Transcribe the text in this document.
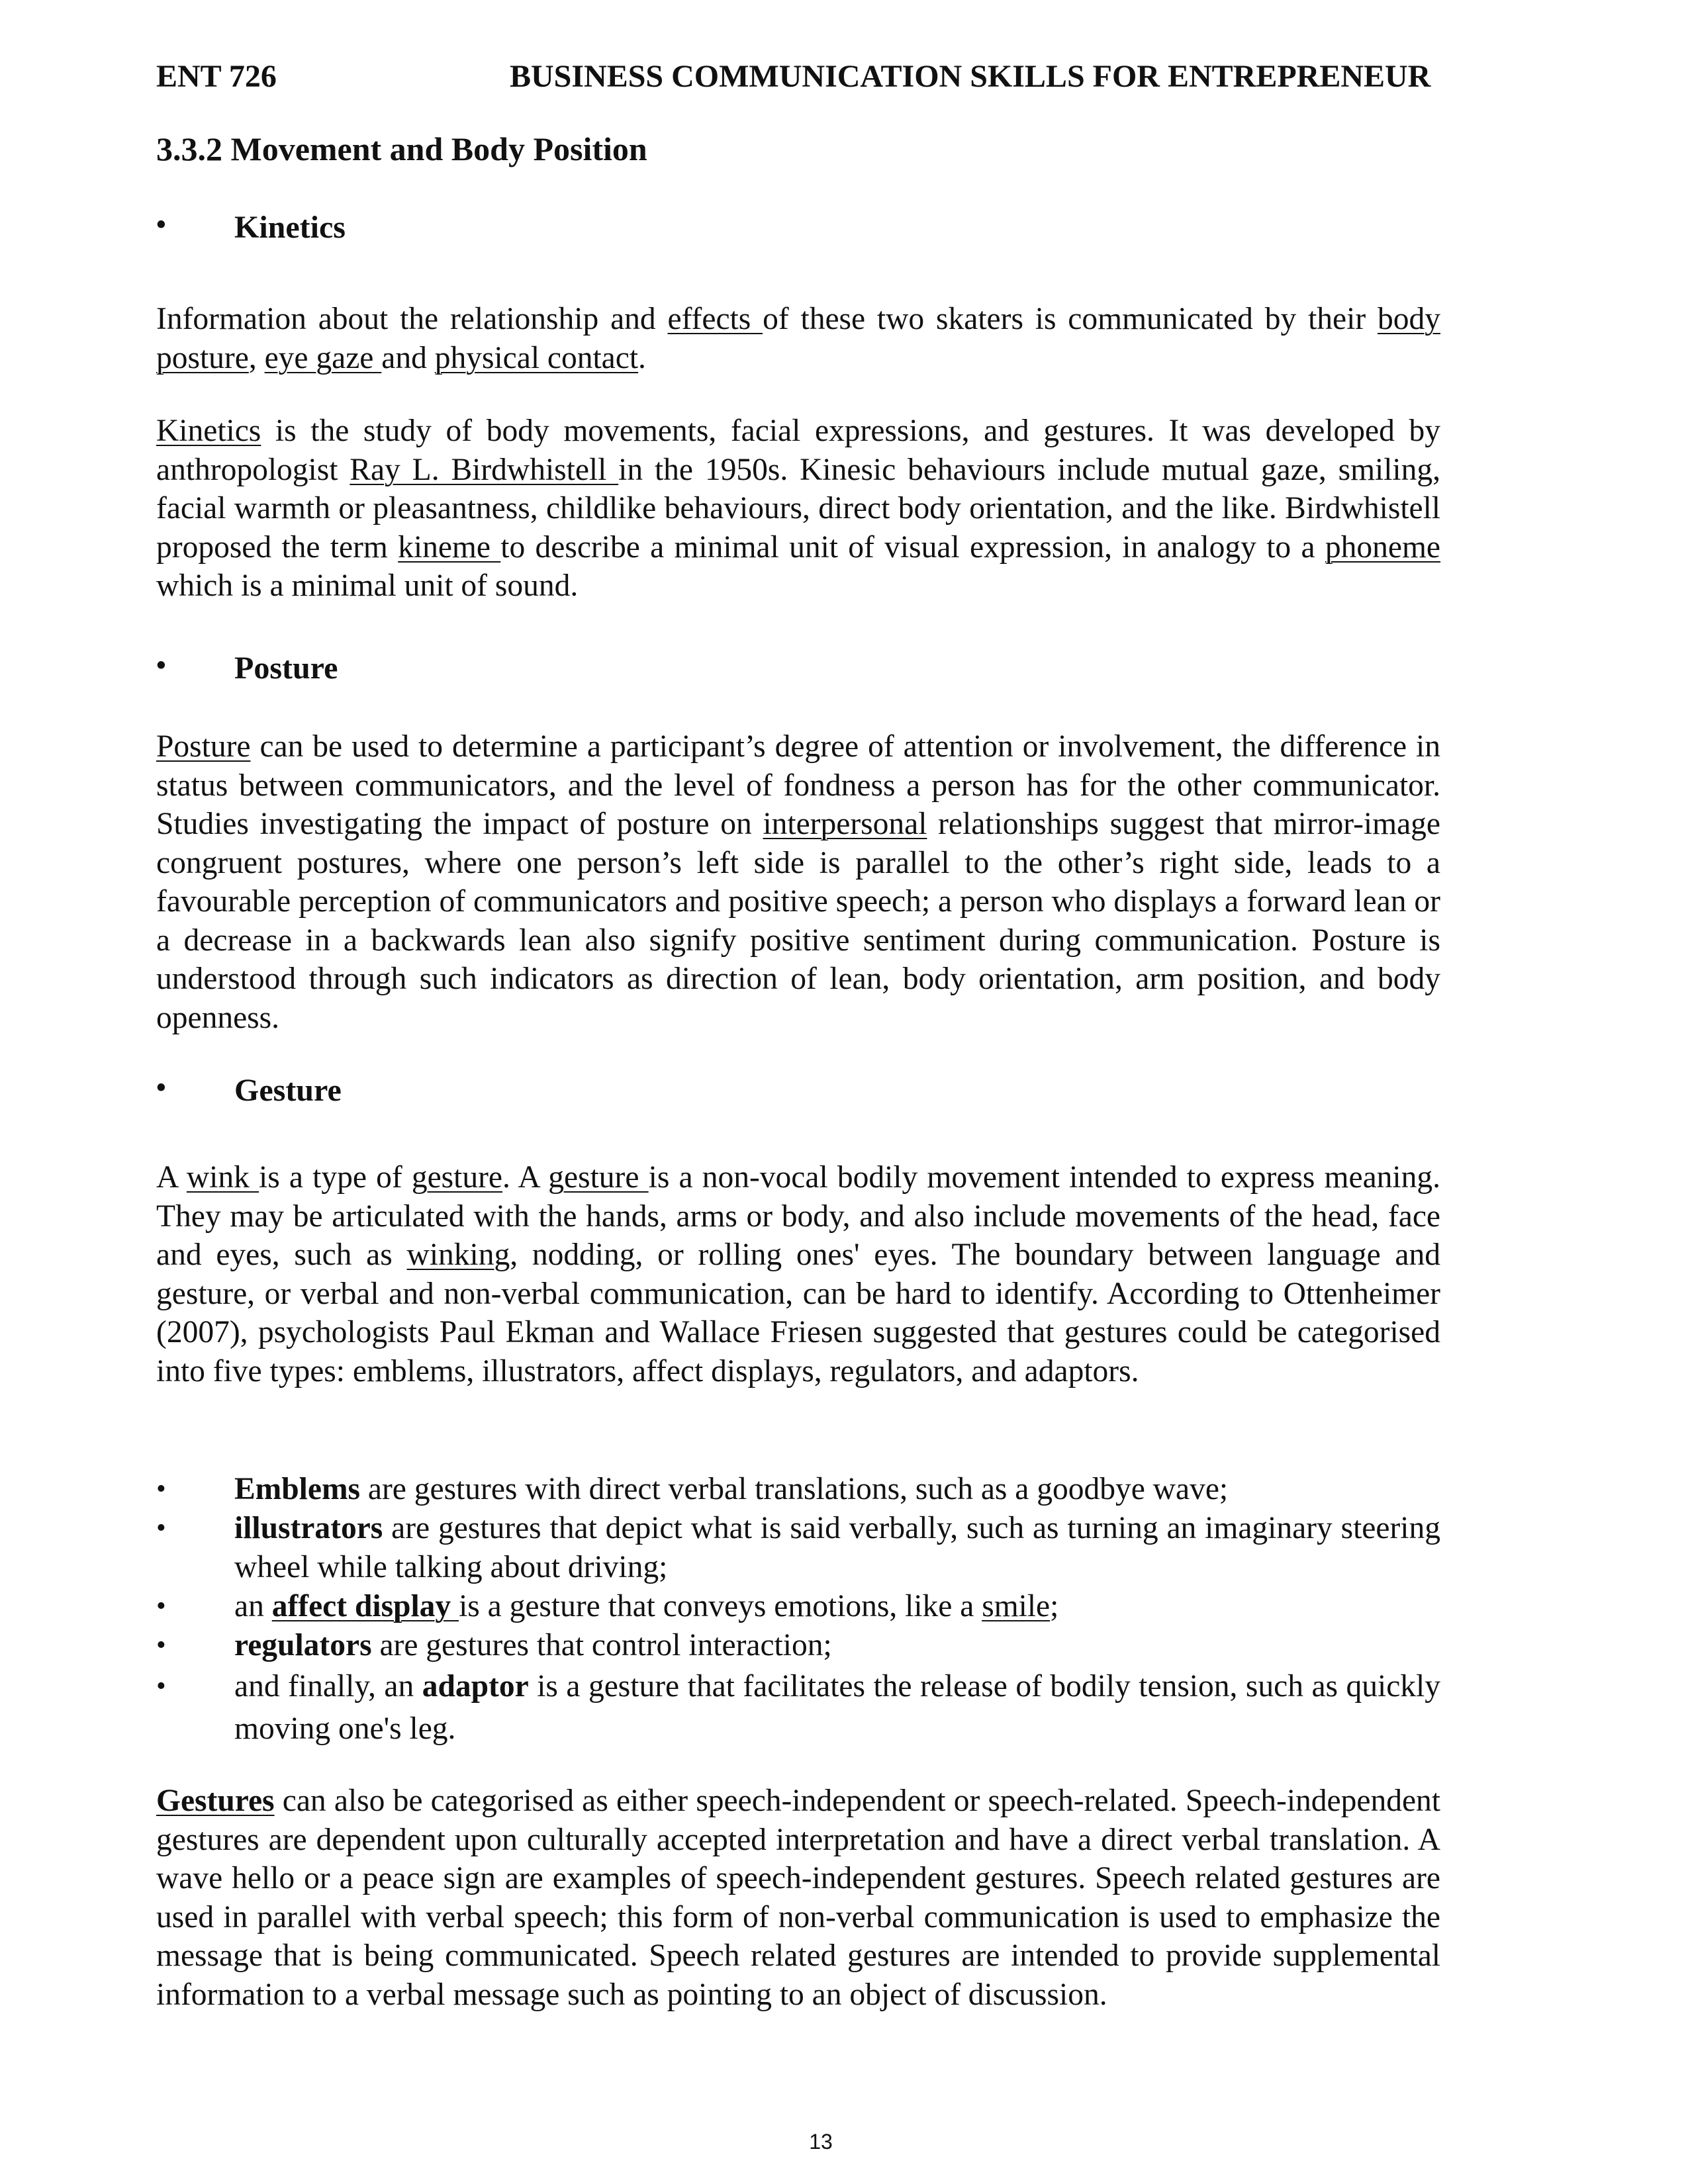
ENT 726	BUSINESS COMMUNICATION SKILLS FOR ENTREPRENEUR
3.3.2 Movement and Body Position
• Kinetics
Information about the relationship and effects of these two skaters is communicated by their body posture, eye gaze and physical contact.
Kinetics is the study of body movements, facial expressions, and gestures. It was developed by anthropologist Ray L. Birdwhistell in the 1950s. Kinesic behaviours include mutual gaze, smiling, facial warmth or pleasantness, childlike behaviours, direct body orientation, and the like. Birdwhistell proposed the term kineme to describe a minimal unit of visual expression, in analogy to a phoneme which is a minimal unit of sound.
• Posture
Posture can be used to determine a participant’s degree of attention or involvement, the difference in status between communicators, and the level of fondness a person has for the other communicator. Studies investigating the impact of posture on interpersonal relationships suggest that mirror-image congruent postures, where one person’s left side is parallel to the other’s right side, leads to a favourable perception of communicators and positive speech; a person who displays a forward lean or a decrease in a backwards lean also signify positive sentiment during communication. Posture is understood through such indicators as direction of lean, body orientation, arm position, and body openness.
• Gesture
A wink is a type of gesture. A gesture is a non-vocal bodily movement intended to express meaning. They may be articulated with the hands, arms or body, and also include movements of the head, face and eyes, such as winking, nodding, or rolling ones' eyes. The boundary between language and gesture, or verbal and non-verbal communication, can be hard to identify. According to Ottenheimer (2007), psychologists Paul Ekman and Wallace Friesen suggested that gestures could be categorised into five types: emblems, illustrators, affect displays, regulators, and adaptors.
• Emblems are gestures with direct verbal translations, such as a goodbye wave;
• illustrators are gestures that depict what is said verbally, such as turning an imaginary steering wheel while talking about driving;
• an affect display is a gesture that conveys emotions, like a smile;
• regulators are gestures that control interaction;
• and finally, an adaptor is a gesture that facilitates the release of bodily tension, such as quickly moving one's leg.
Gestures can also be categorised as either speech-independent or speech-related. Speech-independent gestures are dependent upon culturally accepted interpretation and have a direct verbal translation. A wave hello or a peace sign are examples of speech-independent gestures. Speech related gestures are used in parallel with verbal speech; this form of non-verbal communication is used to emphasize the message that is being communicated. Speech related gestures are intended to provide supplemental information to a verbal message such as pointing to an object of discussion.
13
